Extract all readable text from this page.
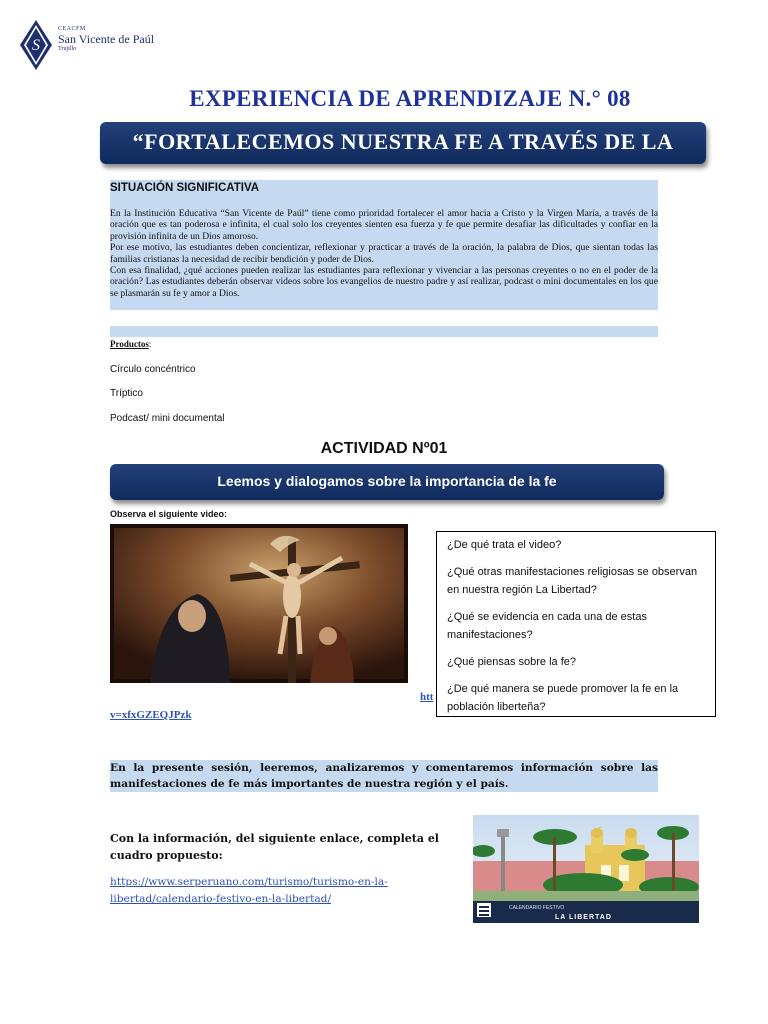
S
CEACFM
San Vicente de Paúl
Trujillo
EXPERIENCIA DE APRENDIZAJE N.° 08
“FORTALECEMOS NUESTRA FE A TRAVÉS DE LA
SITUACIÓN SIGNIFICATIVA

En la Institución Educativa “San Vicente de Paúl” tiene como prioridad fortalecer el amor hacia a Cristo y la Virgen María, a través de la oración que es tan poderosa e infinita, el cual solo los creyentes sienten esa fuerza y fe que permite desafiar las dificultades y confiar en la provisión infinita de un Dios amoroso.

Por ese motivo, las estudiantes deben concientizar, reflexionar y practicar a través de la oración, la palabra de Dios, que sientan todas las familias cristianas la necesidad de recibir bendición y poder de Dios.

Con esa finalidad, ¿qué acciones pueden realizar las estudiantes para reflexionar y vivenciar a las personas creyentes o no en el poder de la oración? Las estudiantes deberán observar videos sobre los evangelios de nuestro padre y así realizar, podcast o mini documentales en los que se plasmarán su fe y amor a Dios.

Productos:
Círculo concéntrico
Tríptico
Podcast/ mini documental
ACTIVIDAD Nº01
Leemos y dialogamos sobre la importancia de la fe
Observa el siguiente video:
htt
v=xfxGZEQJPzk
¿De qué trata el video?
¿Qué otras manifestaciones religiosas se observan en nuestra región La Libertad?
¿Qué se evidencia en cada una de estas manifestaciones?
¿Qué piensas sobre la fe?
¿De qué manera se puede promover la fe en la población liberteña?
En la presente sesión, leeremos, analizaremos y comentaremos información sobre las manifestaciones de fe más importantes de nuestra región y el país.
Con la información, del siguiente enlace, completa el cuadro propuesto:
https://www.serperuano.com/turismo/turismo-en-la-libertad/calendario-festivo-en-la-libertad/
CALENDARIO FESTIVO
LA LIBERTAD
